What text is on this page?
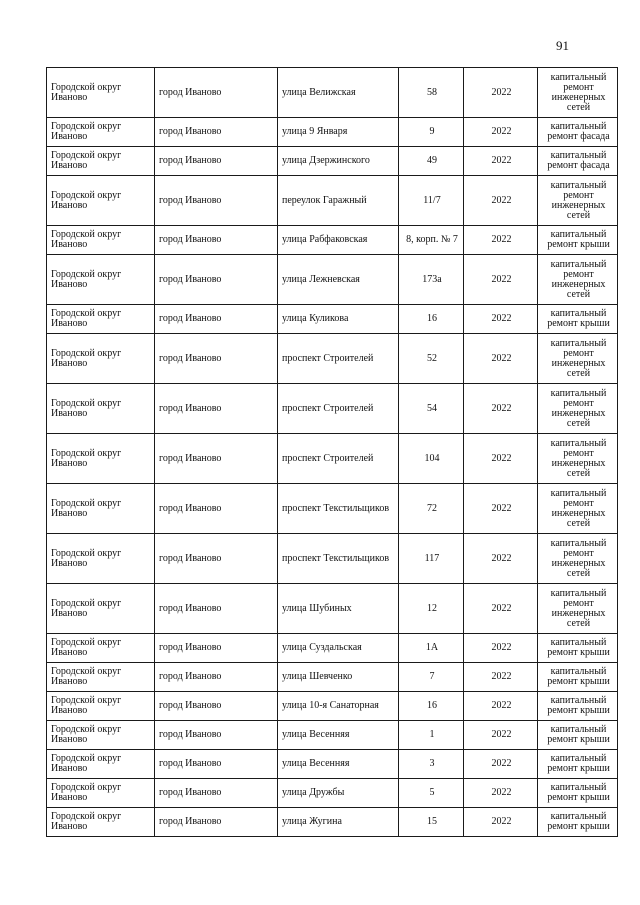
91
Городской округ Иваново	город Иваново	улица Велижская	58	2022	капитальный ремонт инженерных сетей
Городской округ Иваново	город Иваново	улица 9 Января	9	2022	капитальный ремонт фасада
Городской округ Иваново	город Иваново	улица Дзержинского	49	2022	капитальный ремонт фасада
Городской округ Иваново	город Иваново	переулок Гаражный	11/7	2022	капитальный ремонт инженерных сетей
Городской округ Иваново	город Иваново	улица Рабфаковская	8, корп. № 7	2022	капитальный ремонт крыши
Городской округ Иваново	город Иваново	улица Лежневская	173а	2022	капитальный ремонт инженерных сетей
Городской округ Иваново	город Иваново	улица Куликова	16	2022	капитальный ремонт крыши
Городской округ Иваново	город Иваново	проспект Строителей	52	2022	капитальный ремонт инженерных сетей
Городской округ Иваново	город Иваново	проспект Строителей	54	2022	капитальный ремонт инженерных сетей
Городской округ Иваново	город Иваново	проспект Строителей	104	2022	капитальный ремонт инженерных сетей
Городской округ Иваново	город Иваново	проспект Текстильщиков	72	2022	капитальный ремонт инженерных сетей
Городской округ Иваново	город Иваново	проспект Текстильщиков	117	2022	капитальный ремонт инженерных сетей
Городской округ Иваново	город Иваново	улица Шубиных	12	2022	капитальный ремонт инженерных сетей
Городской округ Иваново	город Иваново	улица Суздальская	1А	2022	капитальный ремонт крыши
Городской округ Иваново	город Иваново	улица Шевченко	7	2022	капитальный ремонт крыши
Городской округ Иваново	город Иваново	улица 10-я Санаторная	16	2022	капитальный ремонт крыши
Городской округ Иваново	город Иваново	улица Весенняя	1	2022	капитальный ремонт крыши
Городской округ Иваново	город Иваново	улица Весенняя	3	2022	капитальный ремонт крыши
Городской округ Иваново	город Иваново	улица Дружбы	5	2022	капитальный ремонт крыши
Городской округ Иваново	город Иваново	улица Жугина	15	2022	капитальный ремонт крыши
